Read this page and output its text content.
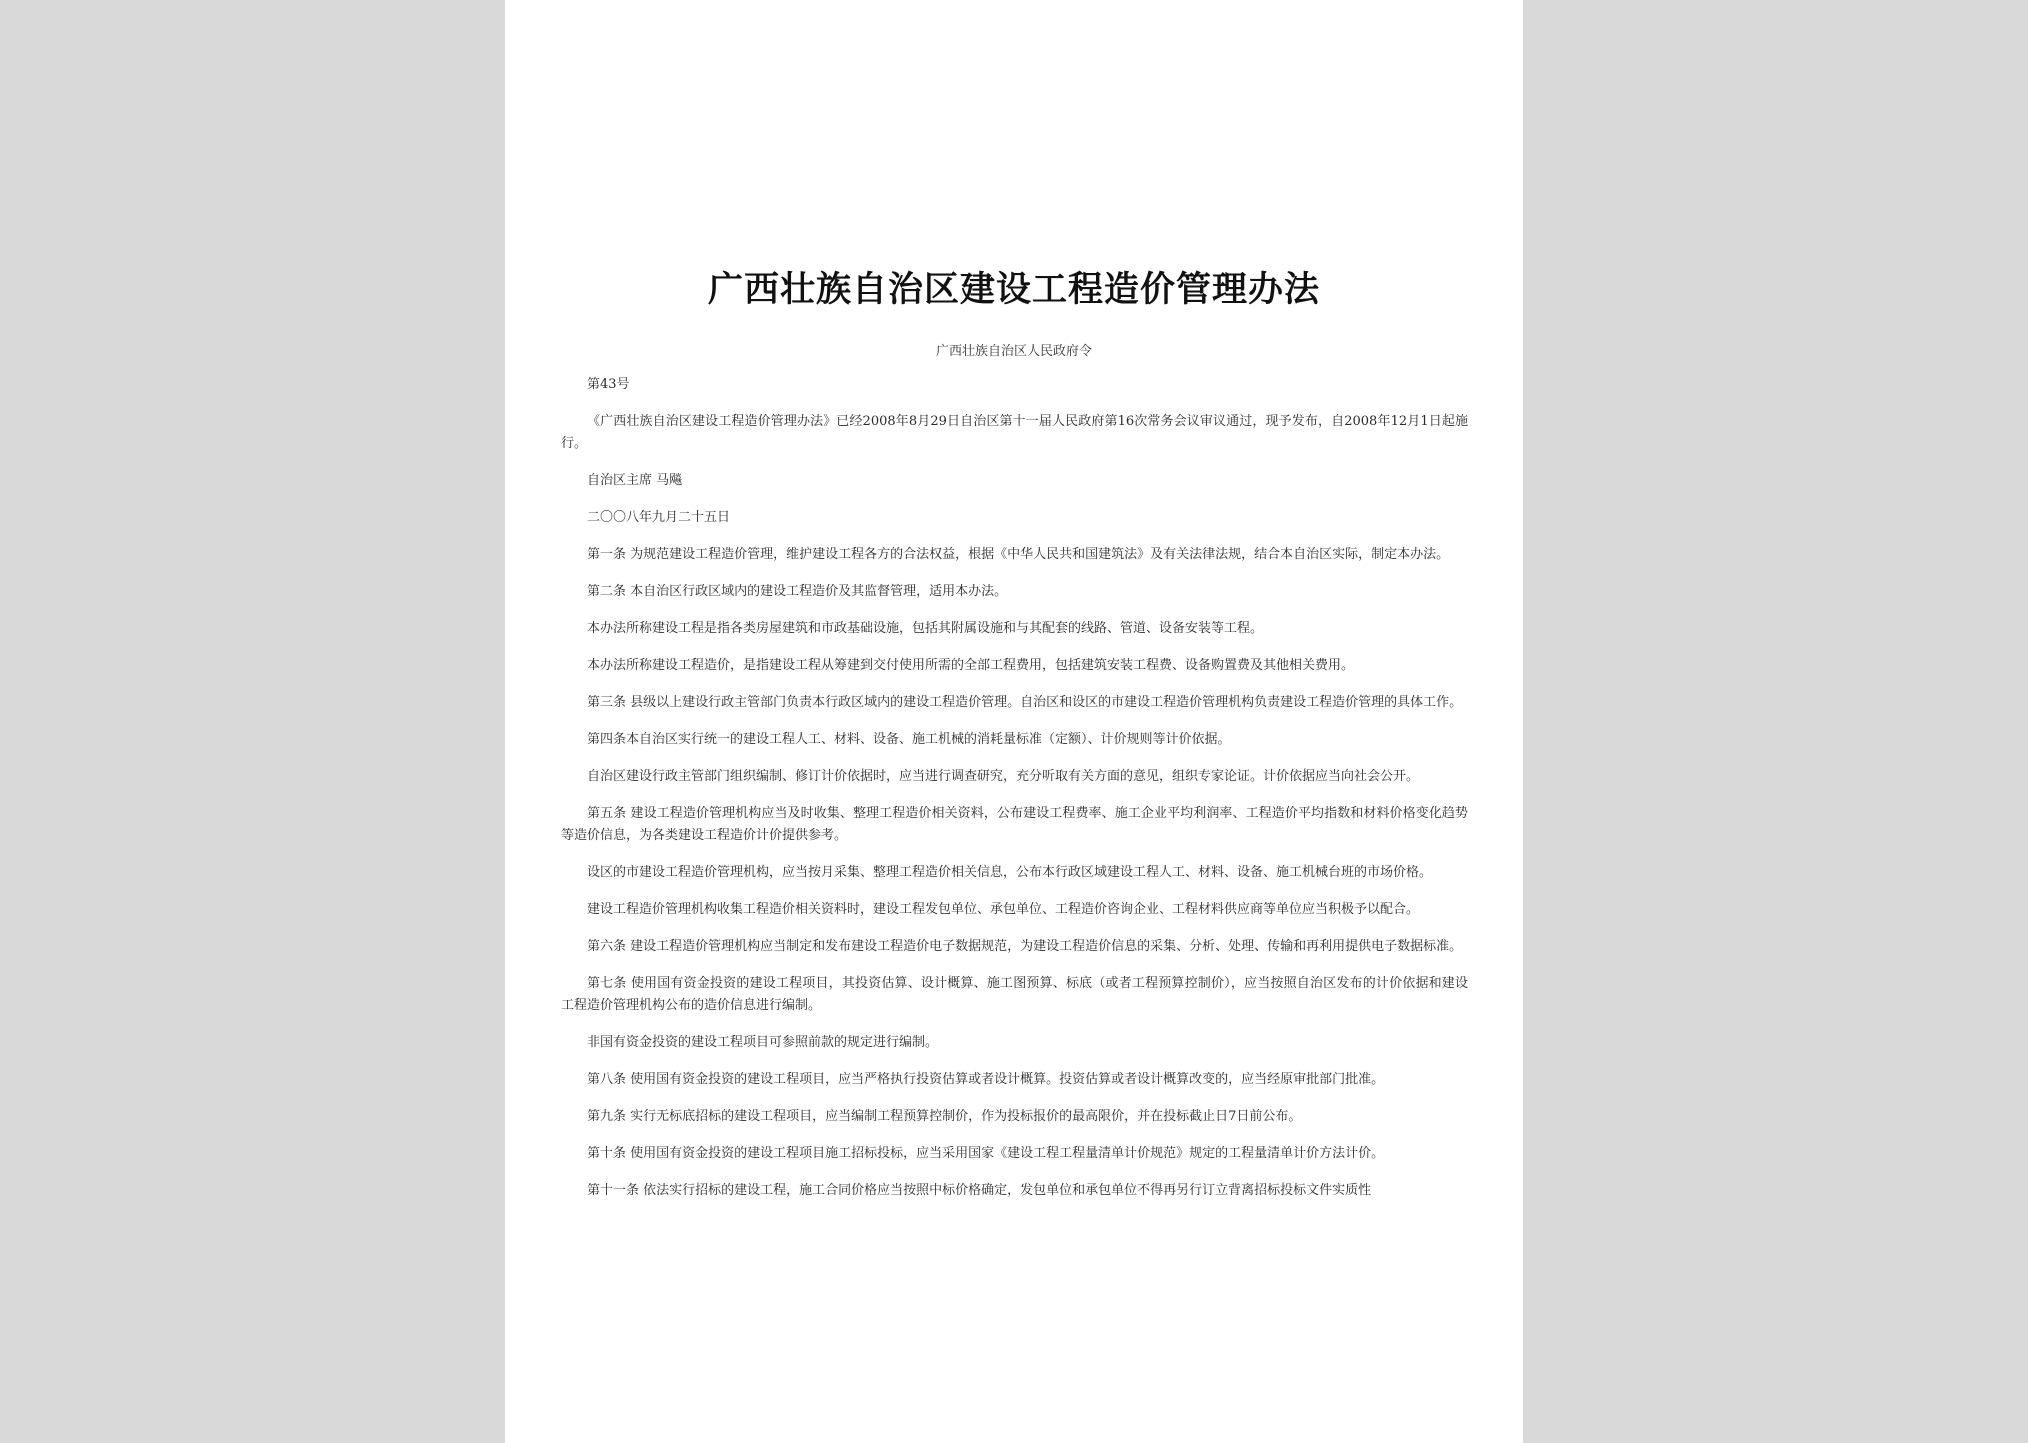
广西壮族自治区建设工程造价管理办法
广西壮族自治区人民政府令

第43号

《广西壮族自治区建设工程造价管理办法》已经2008年8月29日自治区第十一届人民政府第16次常务会议审议通过，现予发布，自2008年12月1日起施行。

自治区主席 马飚

二〇〇八年九月二十五日

第一条 为规范建设工程造价管理，维护建设工程各方的合法权益，根据《中华人民共和国建筑法》及有关法律法规，结合本自治区实际，制定本办法。

第二条 本自治区行政区域内的建设工程造价及其监督管理，适用本办法。

本办法所称建设工程是指各类房屋建筑和市政基础设施，包括其附属设施和与其配套的线路、管道、设备安装等工程。

本办法所称建设工程造价，是指建设工程从筹建到交付使用所需的全部工程费用，包括建筑安装工程费、设备购置费及其他相关费用。

第三条 县级以上建设行政主管部门负责本行政区域内的建设工程造价管理。自治区和设区的市建设工程造价管理机构负责建设工程造价管理的具体工作。

第四条本自治区实行统一的建设工程人工、材料、设备、施工机械的消耗量标准（定额）、计价规则等计价依据。

自治区建设行政主管部门组织编制、修订计价依据时，应当进行调查研究，充分听取有关方面的意见，组织专家论证。计价依据应当向社会公开。

第五条 建设工程造价管理机构应当及时收集、整理工程造价相关资料，公布建设工程费率、施工企业平均利润率、工程造价平均指数和材料价格变化趋势等造价信息，为各类建设工程造价计价提供参考。

设区的市建设工程造价管理机构，应当按月采集、整理工程造价相关信息，公布本行政区域建设工程人工、材料、设备、施工机械台班的市场价格。

建设工程造价管理机构收集工程造价相关资料时，建设工程发包单位、承包单位、工程造价咨询企业、工程材料供应商等单位应当积极予以配合。

第六条 建设工程造价管理机构应当制定和发布建设工程造价电子数据规范，为建设工程造价信息的采集、分析、处理、传输和再利用提供电子数据标准。

第七条 使用国有资金投资的建设工程项目，其投资估算、设计概算、施工图预算、标底（或者工程预算控制价），应当按照自治区发布的计价依据和建设工程造价管理机构公布的造价信息进行编制。

非国有资金投资的建设工程项目可参照前款的规定进行编制。

第八条 使用国有资金投资的建设工程项目，应当严格执行投资估算或者设计概算。投资估算或者设计概算改变的，应当经原审批部门批准。

第九条 实行无标底招标的建设工程项目，应当编制工程预算控制价，作为投标报价的最高限价，并在投标截止日7日前公布。

第十条 使用国有资金投资的建设工程项目施工招标投标，应当采用国家《建设工程工程量清单计价规范》规定的工程量清单计价方法计价。

第十一条 依法实行招标的建设工程，施工合同价格应当按照中标价格确定，发包单位和承包单位不得再另行订立背离招标投标文件实质性
